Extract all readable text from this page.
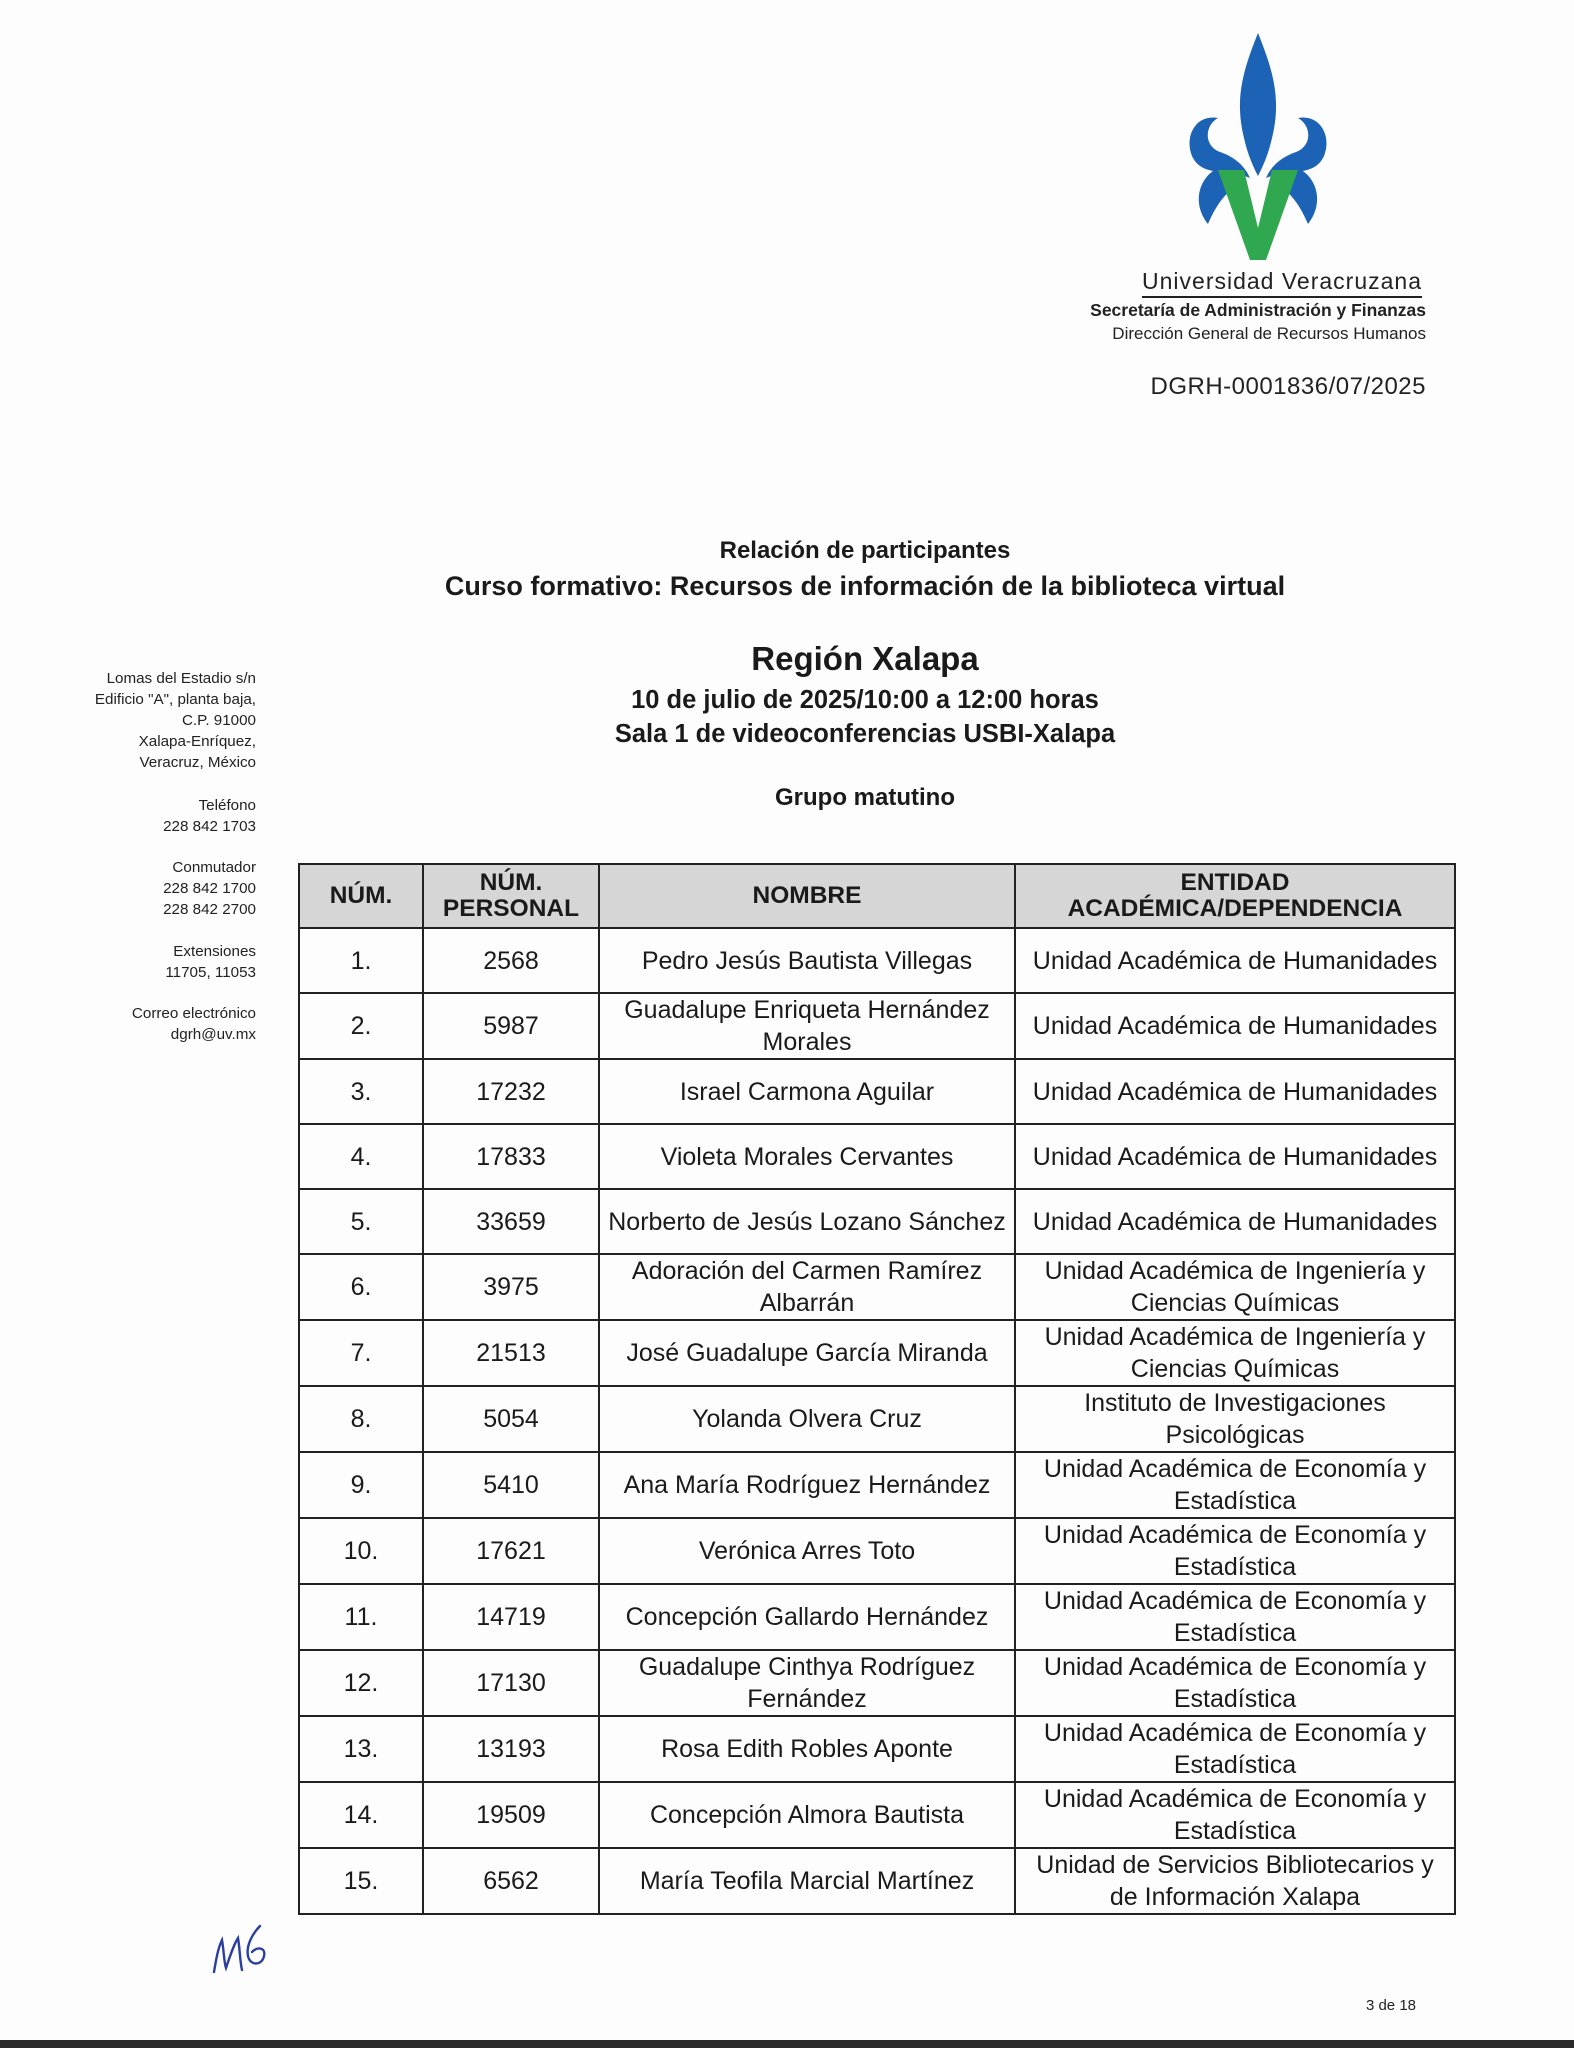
Universidad Veracruzana
Secretaría de Administración y Finanzas
Dirección General de Recursos Humanos
DGRH-0001836/07/2025
Relación de participantes
Curso formativo: Recursos de información de la biblioteca virtual
Región Xalapa
10 de julio de 2025/10:00 a 12:00 horas
Sala 1 de videoconferencias USBI-Xalapa
Grupo matutino
Lomas del Estadio s/n
Edificio "A", planta baja,
C.P. 91000
Xalapa-Enríquez,
Veracruz, México
Teléfono
228 842 1703
Conmutador
228 842 1700
228 842 2700
Extensiones
11705, 11053
Correo electrónico
dgrh@uv.mx
NÚM.	NÚM. PERSONAL	NOMBRE	ENTIDAD ACADÉMICA/DEPENDENCIA
1.	2568	Pedro Jesús Bautista Villegas	Unidad Académica de Humanidades
2.	5987	Guadalupe Enriqueta Hernández Morales	Unidad Académica de Humanidades
3.	17232	Israel Carmona Aguilar	Unidad Académica de Humanidades
4.	17833	Violeta Morales Cervantes	Unidad Académica de Humanidades
5.	33659	Norberto de Jesús Lozano Sánchez	Unidad Académica de Humanidades
6.	3975	Adoración del Carmen Ramírez Albarrán	Unidad Académica de Ingeniería y Ciencias Químicas
7.	21513	José Guadalupe García Miranda	Unidad Académica de Ingeniería y Ciencias Químicas
8.	5054	Yolanda Olvera Cruz	Instituto de Investigaciones Psicológicas
9.	5410	Ana María Rodríguez Hernández	Unidad Académica de Economía y Estadística
10.	17621	Verónica Arres Toto	Unidad Académica de Economía y Estadística
11.	14719	Concepción Gallardo Hernández	Unidad Académica de Economía y Estadística
12.	17130	Guadalupe Cinthya Rodríguez Fernández	Unidad Académica de Economía y Estadística
13.	13193	Rosa Edith Robles Aponte	Unidad Académica de Economía y Estadística
14.	19509	Concepción Almora Bautista	Unidad Académica de Economía y Estadística
15.	6562	María Teofila Marcial Martínez	Unidad de Servicios Bibliotecarios y de Información Xalapa
3 de 18
